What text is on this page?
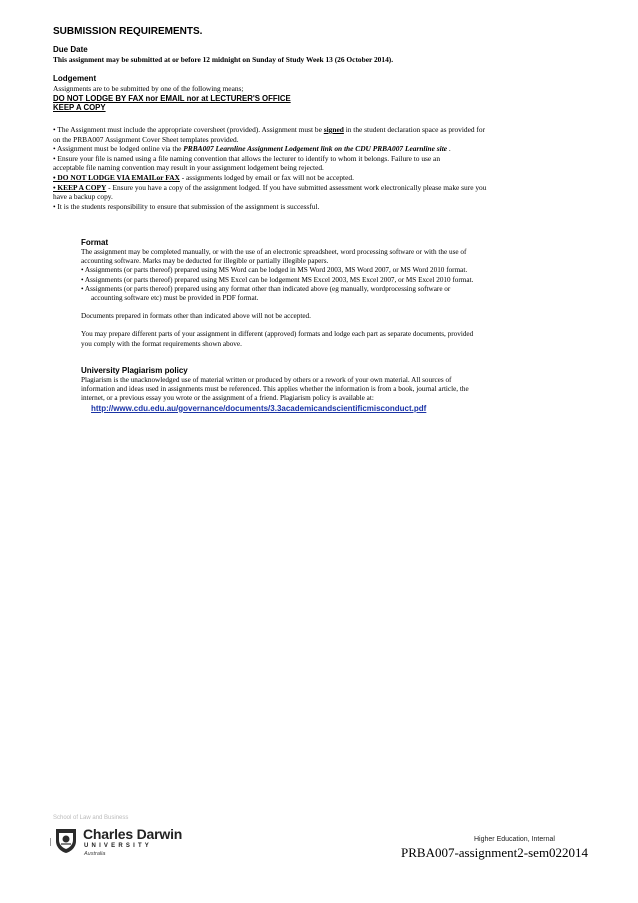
SUBMISSION REQUIREMENTS.
Due Date
This assignment may be submitted at or before 12 midnight on Sunday of Study Week 13 (26 October 2014).
Lodgement
Assignments are to be submitted by one of the following means;
DO NOT LODGE BY FAX nor EMAIL nor at LECTURER'S OFFICE
KEEP A COPY
• The Assignment must include the appropriate coversheet (provided). Assignment must be signed in the student declaration space as provided for
on the PRBA007 Assignment Cover Sheet templates provided.
• Assignment must be lodged online via the PRBA007 Learnline Assignment Lodgement link on the CDU PRBA007 Learnline site .
• Ensure your file is named using a file naming convention that allows the lecturer to identify to whom it belongs. Failure to use an
acceptable file naming convention may result in your assignment lodgement being rejected.
• DO NOT LODGE VIA EMAILor FAX - assignments lodged by email or fax will not be accepted.
• KEEP A COPY - Ensure you have a copy of the assignment lodged. If you have submitted assessment work electronically please make sure you
have a backup copy.
• It is the students responsibility to ensure that submission of the assignment is successful.
Format
The assignment may be completed manually, or with the use of an electronic spreadsheet, word processing software or with the use of
accounting software. Marks may be deducted for illegible or partially illegible papers.
• Assignments (or parts thereof) prepared using MS Word can be lodged in MS Word 2003, MS Word 2007, or MS Word 2010 format.
• Assignments (or parts thereof) prepared using MS Excel can be lodgement MS Excel 2003, MS Excel 2007, or MS Excel 2010 format.
• Assignments (or parts thereof) prepared using any format other than indicated above (eg manually, wordprocessing software or
accounting software etc) must be provided in PDF format.
Documents prepared in formats other than indicated above will not be accepted.
You may prepare different parts of your assignment in different (approved) formats and lodge each part as separate documents, provided
you comply with the format requirements shown above.
University Plagiarism policy
Plagiarism is the unacknowledged use of material written or produced by others or a rework of your own material. All sources of
information and ideas used in assignments must be referenced. This applies whether the information is from a book, journal article, the
internet, or a previous essay you wrote or the assignment of a friend. Plagiarism policy is available at:
http://www.cdu.edu.au/governance/documents/3.3academicandscientificmisconduct.pdf
School of Law and Business
Charles Darwin
UNIVERSITY
Australia
Higher Education, Internal
PRBA007-assignment2-sem022014
